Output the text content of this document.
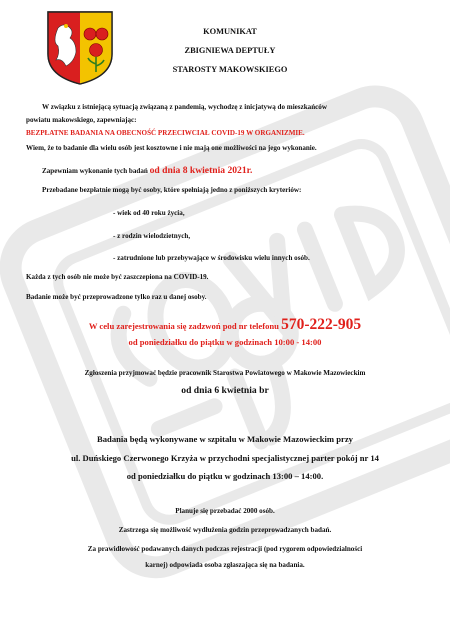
KOMUNIKAT
ZBIGNIEWA DEPTUŁY
STAROSTY MAKOWSKIEGO
W związku z istniejącą sytuacją związaną z pandemią, wychodzę z inicjatywą do mieszkańców
powiatu makowskiego, zapewniając:
BEZPŁATNE BADANIA NA OBECNOŚĆ PRZECIWCIAŁ COVID-19 W ORGANIZMIE.
Wiem, że to badanie dla wielu osób jest kosztowne i nie mają one możliwości na jego wykonanie.
Zapewniam wykonanie tych badań od dnia 8 kwietnia 2021r.
Przebadane bezpłatnie mogą być osoby, które spełniają jedno z poniższych kryteriów:
- wiek od 40 roku życia,
- z rodzin wielodzietnych,
- zatrudnione lub przebywające w środowisku wielu innych osób.
Każda z tych osób nie może być zaszczepiona na COVID-19.
Badanie może być przeprowadzone tylko raz u danej osoby.
W celu zarejestrowania się zadzwoń pod nr telefonu 570-222-905
od poniedziałku do piątku w godzinach 10:00 - 14:00
Zgłoszenia przyjmować będzie pracownik Starostwa Powiatowego w Makowie Mazowieckim
od dnia 6 kwietnia br
Badania będą wykonywane w szpitalu w Makowie Mazowieckim przy
ul. Duńskiego Czerwonego Krzyża w przychodni specjalistycznej parter pokój nr 14
od poniedziałku do piątku w godzinach 13:00 – 14:00.
Planuje się przebadać 2000 osób.
Zastrzega się możliwość wydłużenia godzin przeprowadzanych badań.
Za prawidłowość podawanych danych podczas rejestracji (pod rygorem odpowiedzialności
karnej) odpowiada osoba zgłaszająca się na badania.
